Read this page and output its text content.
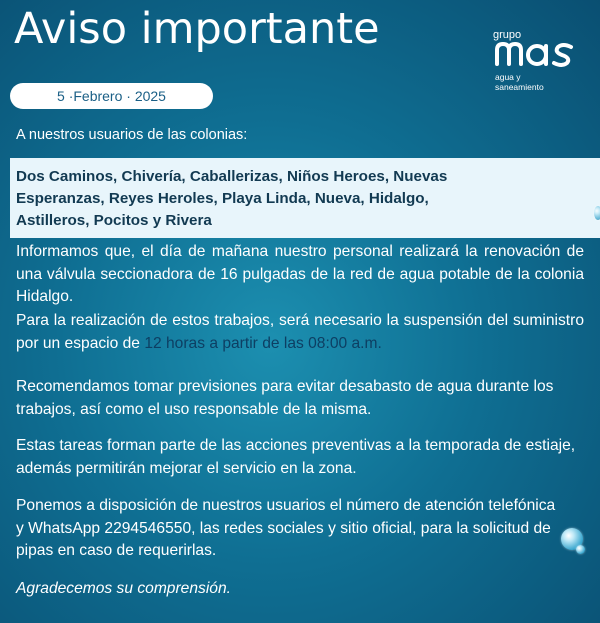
Aviso importante
5 ·Febrero · 2025
grupo
agua y
saneamiento
A nuestros usuarios de las colonias:
Dos Caminos, Chivería, Caballerizas, Niños Heroes, Nuevas
Esperanzas, Reyes Heroles, Playa Linda, Nueva, Hidalgo,
Astilleros, Pocitos y Rivera

Informamos que, el día de mañana nuestro personal realizará la renovación de una válvula seccionadora de 16 pulgadas de la red de agua potable de la colonia Hidalgo.

Para la realización de estos trabajos, será necesario la suspensión del suministro por un espacio de 12 horas a partir de las 08:00 a.m.

Recomendamos tomar previsiones para evitar desabasto de agua durante los trabajos, así como el uso responsable de la misma.

Estas tareas forman parte de las acciones preventivas a la temporada de estiaje, además permitirán mejorar el servicio en la zona.

Ponemos a disposición de nuestros usuarios el número de atención telefónica y WhatsApp 2294546550, las redes sociales y sitio oficial, para la solicitud de pipas en caso de requerirlas.

Agradecemos su comprensión.
